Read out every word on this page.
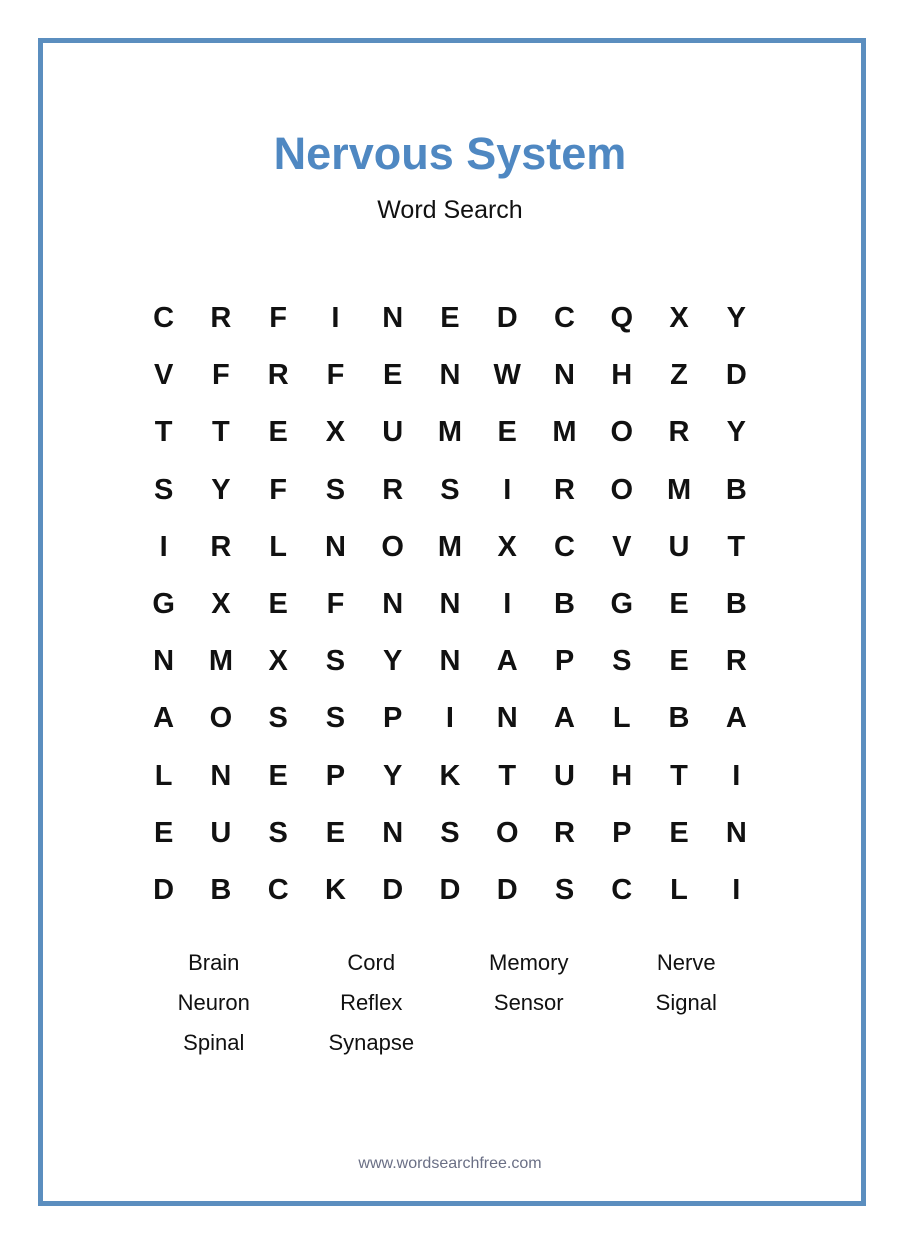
Nervous System
Word Search
C	R	F	I	N	E	D	C	Q	X	Y
V	F	R	F	E	N	W	N	H	Z	D
T	T	E	X	U	M	E	M	O	R	Y
S	Y	F	S	R	S	I	R	O	M	B
I	R	L	N	O	M	X	C	V	U	T
G	X	E	F	N	N	I	B	G	E	B
N	M	X	S	Y	N	A	P	S	E	R
A	O	S	S	P	I	N	A	L	B	A
L	N	E	P	Y	K	T	U	H	T	I
E	U	S	E	N	S	O	R	P	E	N
D	B	C	K	D	D	D	S	C	L	I
Brain	Cord	Memory	Nerve
Neuron	Reflex	Sensor	Signal
Spinal	Synapse
www.wordsearchfree.com
